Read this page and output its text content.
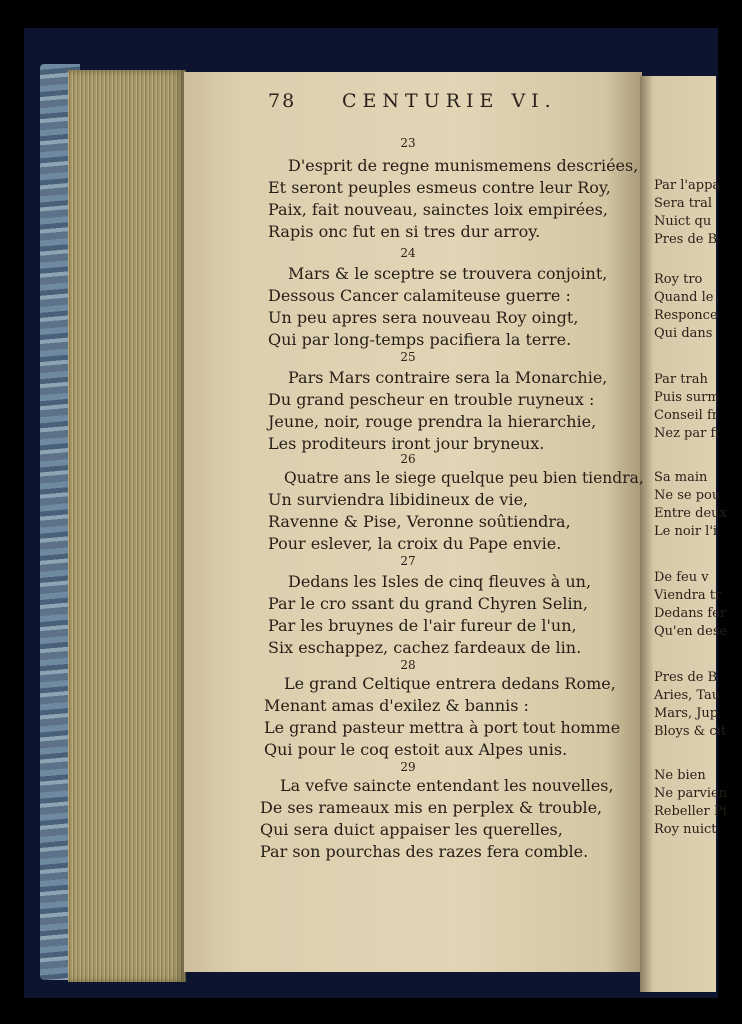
Par l'appa
Sera tral
Nuict qu
Pres de B
Roy tro
Quand le
Responce
Qui dans
Par trah
Puis surm
Conseil fr
Nez par fi
Sa main
Ne se pou
Entre deux
Le noir l'i
De feu v
Viendra tr
Dedans fer
Qu'en dese
Pres de B
Aries, Tau
Mars, Jup
Bloys & cit
Ne bien
Ne parvien
Rebeller Pi
Roy nuict
78 CENTURIE VI.
23
D'esprit de regne munismemens descriées,
Et seront peuples esmeus contre leur Roy,
Paix, fait nouveau, sainctes loix empirées,
Rapis onc fut en si tres dur arroy.
24
Mars & le sceptre se trouvera conjoint,
Dessous Cancer calamiteuse guerre :
Un peu apres sera nouveau Roy oingt,
Qui par long-temps pacifiera la terre.
25
Pars Mars contraire sera la Monarchie,
Du grand pescheur en trouble ruyneux :
Jeune, noir, rouge prendra la hierarchie,
Les proditeurs iront jour bryneux.
26
Quatre ans le siege quelque peu bien tiendra,
Un surviendra libidineux de vie,
Ravenne & Pise, Veronne soûtiendra,
Pour eslever, la croix du Pape envie.
27
Dedans les Isles de cinq fleuves à un,
Par le cro ssant du grand Chyren Selin,
Par les bruynes de l'air fureur de l'un,
Six eschappez, cachez fardeaux de lin.
28
Le grand Celtique entrera dedans Rome,
Menant amas d'exilez & bannis :
Le grand pasteur mettra à port tout homme
Qui pour le coq estoit aux Alpes unis.
29
La vefve saincte entendant les nouvelles,
De ses rameaux mis en perplex & trouble,
Qui sera duict appaiser les querelles,
Par son pourchas des razes fera comble.
